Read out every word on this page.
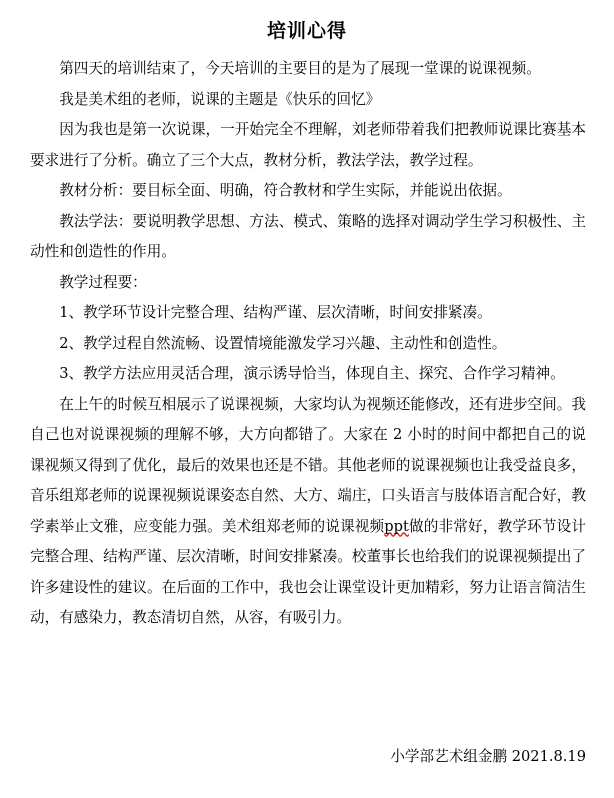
培训心得

第四天的培训结束了，今天培训的主要目的是为了展现一堂课的说课视频。

我是美术组的老师，说课的主题是《快乐的回忆》

因为我也是第一次说课，一开始完全不理解，刘老师带着我们把教师说课比赛基本要求进行了分析。确立了三个大点，教材分析，教法学法，教学过程。

教材分析：要目标全面、明确，符合教材和学生实际，并能说出依据。

教法学法：要说明教学思想、方法、模式、策略的选择对调动学生学习积极性、主动性和创造性的作用。

教学过程要：

1、教学环节设计完整合理、结构严谨、层次清晰，时间安排紧凑。

2、教学过程自然流畅、设置情境能激发学习兴趣、主动性和创造性。

3、教学方法应用灵活合理，演示诱导恰当，体现自主、探究、合作学习精神。

在上午的时候互相展示了说课视频，大家均认为视频还能修改，还有进步空间。我自己也对说课视频的理解不够，大方向都错了。大家在 2 小时的时间中都把自己的说课视频又得到了优化，最后的效果也还是不错。其他老师的说课视频也让我受益良多，音乐组郑老师的说课视频说课姿态自然、大方、端庄，口头语言与肢体语言配合好，教学素举止文雅，应变能力强。美术组郑老师的说课视频ppt做的非常好，教学环节设计完整合理、结构严谨、层次清晰，时间安排紧凑。校董事长也给我们的说课视频提出了许多建设性的建议。在后面的工作中，我也会让课堂设计更加精彩，努力让语言简洁生动，有感染力，教态清切自然，从容，有吸引力。

小学部艺术组金鹏 2021.8.19
